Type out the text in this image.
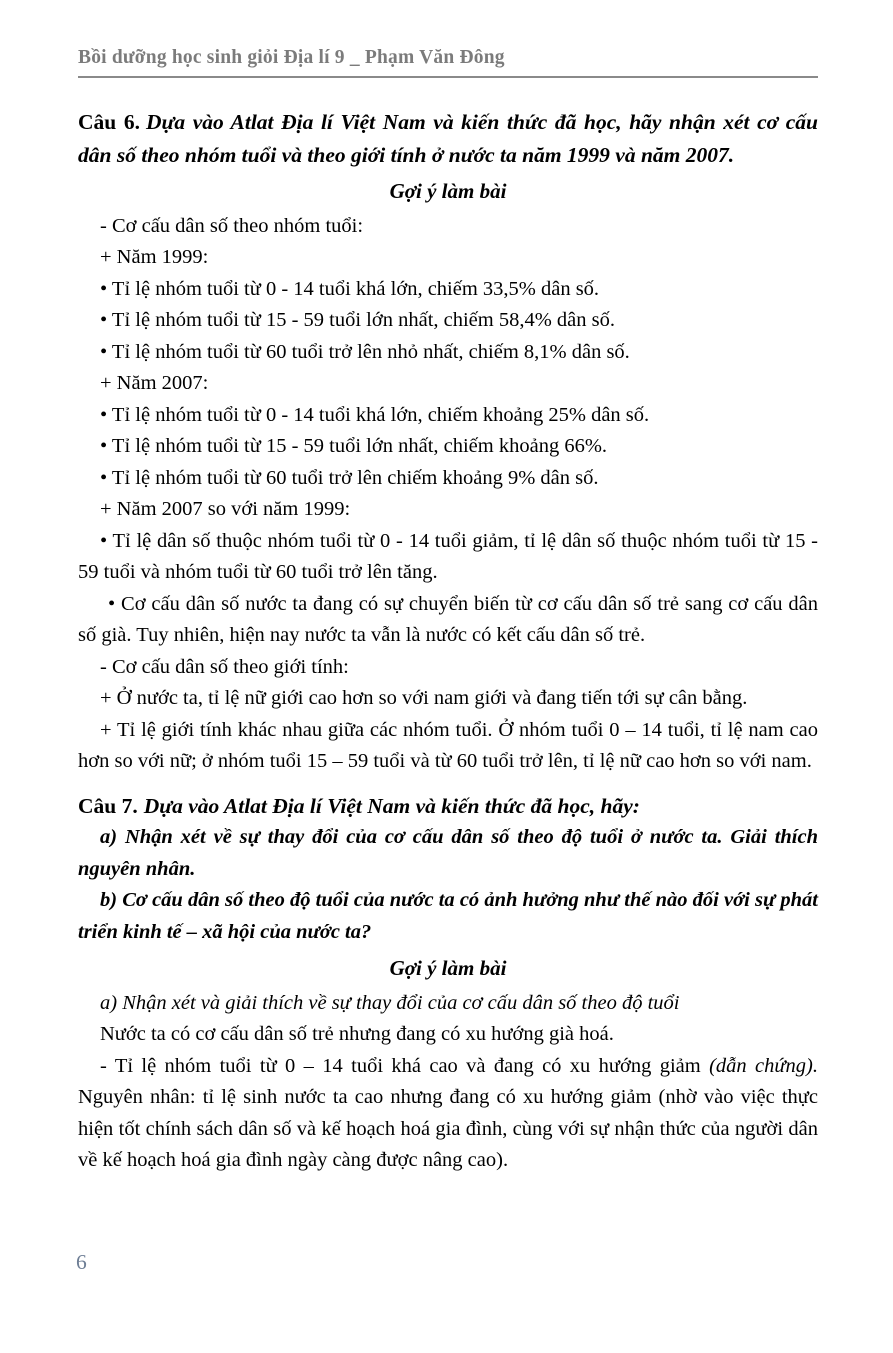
Bồi dưỡng học sinh giỏi Địa lí 9 _ Phạm Văn Đông

Câu 6. Dựa vào Atlat Địa lí Việt Nam và kiến thức đã học, hãy nhận xét cơ cấu dân số theo nhóm tuổi và theo giới tính ở nước ta năm 1999 và năm 2007.

Gợi ý làm bài

- Cơ cấu dân số theo nhóm tuổi:

+ Năm 1999:

• Tỉ lệ nhóm tuổi từ 0 - 14 tuổi khá lớn, chiếm 33,5% dân số.

• Tỉ lệ nhóm tuổi từ 15 - 59 tuổi lớn nhất, chiếm 58,4% dân số.

• Tỉ lệ nhóm tuổi từ 60 tuổi trở lên nhỏ nhất, chiếm 8,1% dân số.

+ Năm 2007:

• Tỉ lệ nhóm tuổi từ 0 - 14 tuổi khá lớn, chiếm khoảng 25% dân số.

• Tỉ lệ nhóm tuổi từ 15 - 59 tuổi lớn nhất, chiếm khoảng 66%.

• Tỉ lệ nhóm tuổi từ 60 tuổi trở lên chiếm khoảng 9% dân số.

+ Năm 2007 so với năm 1999:

• Tỉ lệ dân số thuộc nhóm tuổi từ 0 - 14 tuổi giảm, tỉ lệ dân số thuộc nhóm tuổi từ 15 - 59 tuổi và nhóm tuổi từ 60 tuổi trở lên tăng.

• Cơ cấu dân số nước ta đang có sự chuyển biến từ cơ cấu dân số trẻ sang cơ cấu dân số già. Tuy nhiên, hiện nay nước ta vẫn là nước có kết cấu dân số trẻ.

- Cơ cấu dân số theo giới tính:

+ Ở nước ta, tỉ lệ nữ giới cao hơn so với nam giới và đang tiến tới sự cân bằng.

+ Tỉ lệ giới tính khác nhau giữa các nhóm tuổi. Ở nhóm tuổi 0 – 14 tuổi, tỉ lệ nam cao hơn so với nữ; ở nhóm tuổi 15 – 59 tuổi và từ 60 tuổi trở lên, tỉ lệ nữ cao hơn so với nam.

Câu 7. Dựa vào Atlat Địa lí Việt Nam và kiến thức đã học, hãy:

a) Nhận xét về sự thay đổi của cơ cấu dân số theo độ tuổi ở nước ta. Giải thích nguyên nhân.

b) Cơ cấu dân số theo độ tuổi của nước ta có ảnh hưởng như thế nào đối với sự phát triển kinh tế – xã hội của nước ta?

Gợi ý làm bài

a) Nhận xét và giải thích về sự thay đổi của cơ cấu dân số theo độ tuổi

Nước ta có cơ cấu dân số trẻ nhưng đang có xu hướng già hoá.

- Tỉ lệ nhóm tuổi từ 0 – 14 tuổi khá cao và đang có xu hướng giảm (dẫn chứng). Nguyên nhân: tỉ lệ sinh nước ta cao nhưng đang có xu hướng giảm (nhờ vào việc thực hiện tốt chính sách dân số và kế hoạch hoá gia đình, cùng với sự nhận thức của người dân về kế hoạch hoá gia đình ngày càng được nâng cao).

6
